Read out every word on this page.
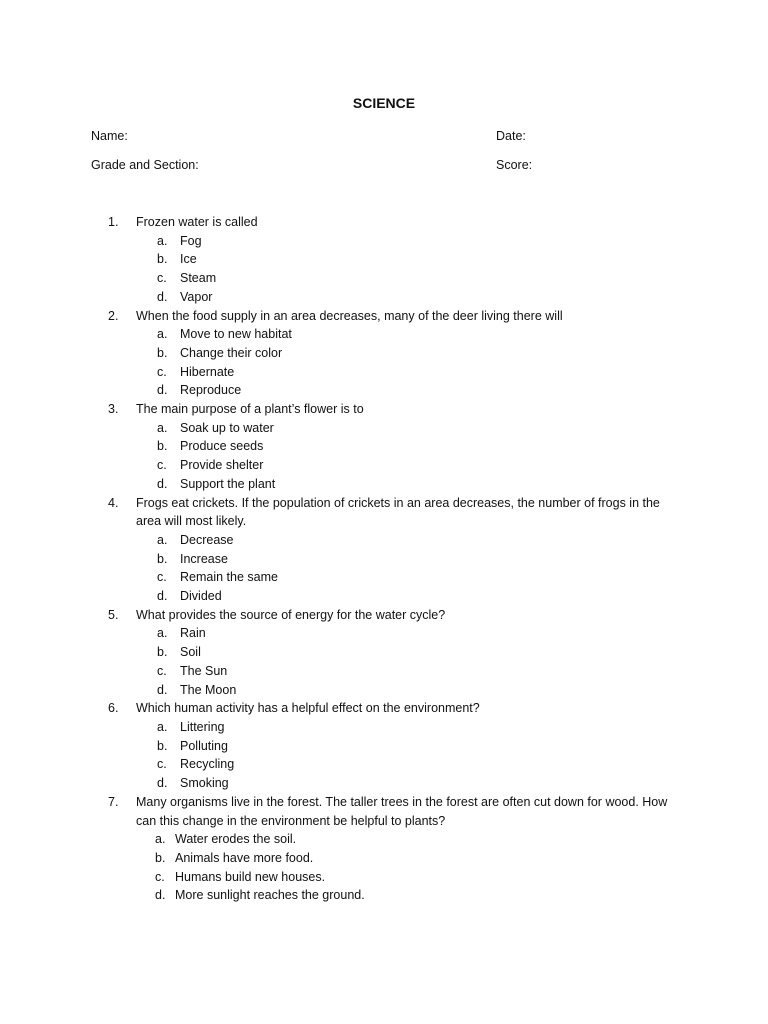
SCIENCE
Name:	Date:
Grade and Section:	Score:
1.	Frozen water is called
a.	Fog
b.	Ice
c.	Steam
d.	Vapor
2.	When the food supply in an area decreases, many of the deer living there will
a.	Move to new habitat
b.	Change their color
c.	Hibernate
d.	Reproduce
3.	The main purpose of a plant’s flower is to
a.	Soak up to water
b.	Produce seeds
c.	Provide shelter
d.	Support the plant
4.	Frogs eat crickets. If the population of crickets in an area decreases, the number of frogs in the area will most likely.
a.	Decrease
b.	Increase
c.	Remain the same
d.	Divided
5.	What provides the source of energy for the water cycle?
a.	Rain
b.	Soil
c.	The Sun
d.	The Moon
6.	Which human activity has a helpful effect on the environment?
a.	Littering
b.	Polluting
c.	Recycling
d.	Smoking
7.	Many organisms live in the forest. The taller trees in the forest are often cut down for wood. How can this change in the environment be helpful to plants?
a. Water erodes the soil.
b. Animals have more food.
c. Humans build new houses.
d. More sunlight reaches the ground.
